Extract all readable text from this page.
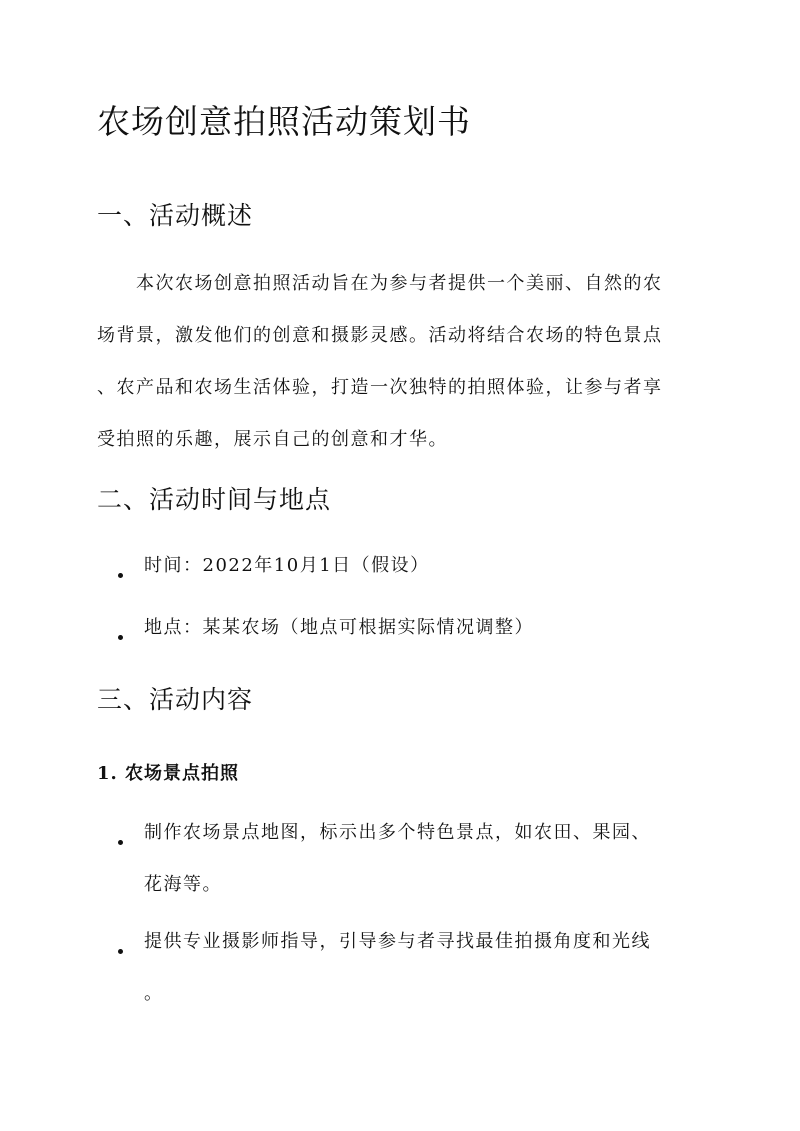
农场创意拍照活动策划书
一、活动概述
　　本次农场创意拍照活动旨在为参与者提供一个美丽、自然的农
场背景，激发他们的创意和摄影灵感。活动将结合农场的特色景点
、农产品和农场生活体验，打造一次独特的拍照体验，让参与者享
受拍照的乐趣，展示自己的创意和才华。
二、活动时间与地点
时间：2022年10月1日（假设）
地点：某某农场（地点可根据实际情况调整）
三、活动内容
1. 农场景点拍照
制作农场景点地图，标示出多个特色景点，如农田、果园、
花海等。
提供专业摄影师指导，引导参与者寻找最佳拍摄角度和光线
。
